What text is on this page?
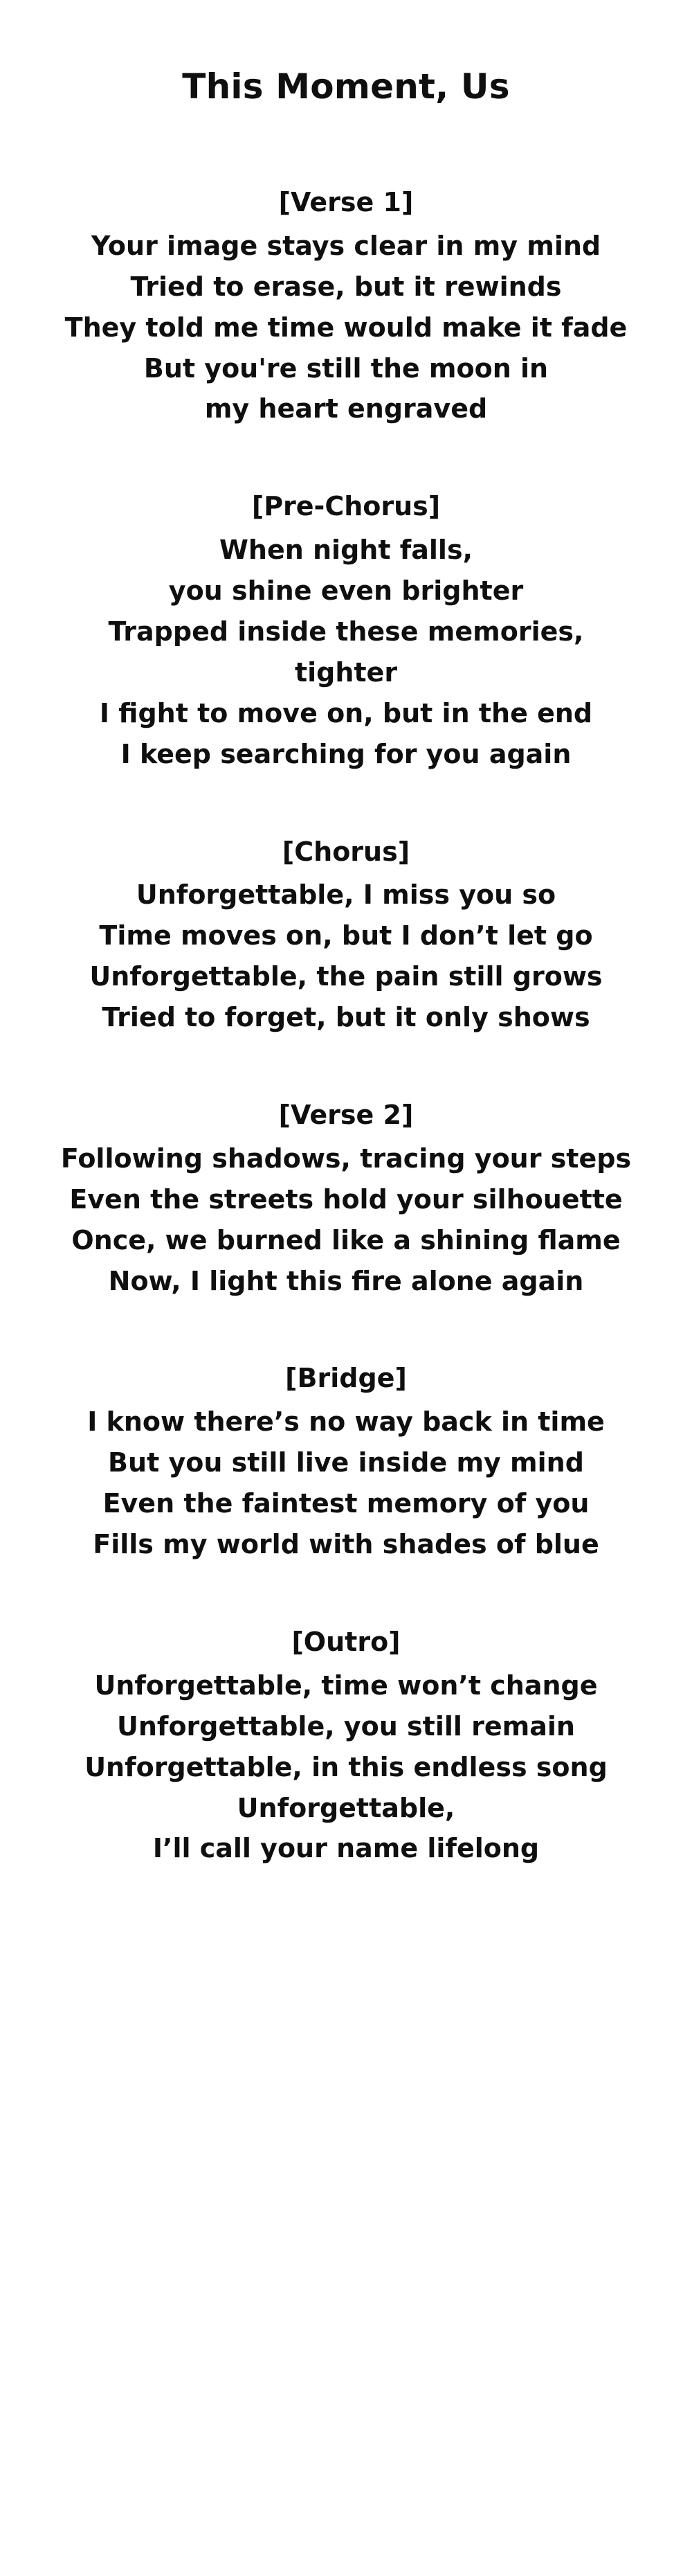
This Moment, Us
[Verse 1]
Your image stays clear in my mind
Tried to erase, but it rewinds
They told me time would make it fade
But you're still the moon in
my heart engraved
[Pre-Chorus]
When night falls,
you shine even brighter
Trapped inside these memories,
tighter
I fight to move on, but in the end
I keep searching for you again
[Chorus]
Unforgettable, I miss you so
Time moves on, but I don’t let go
Unforgettable, the pain still grows
Tried to forget, but it only shows
[Verse 2]
Following shadows, tracing your steps
Even the streets hold your silhouette
Once, we burned like a shining flame
Now, I light this fire alone again
[Bridge]
I know there’s no way back in time
But you still live inside my mind
Even the faintest memory of you
Fills my world with shades of blue
[Outro]
Unforgettable, time won’t change
Unforgettable, you still remain
Unforgettable, in this endless song
Unforgettable,
I’ll call your name lifelong
